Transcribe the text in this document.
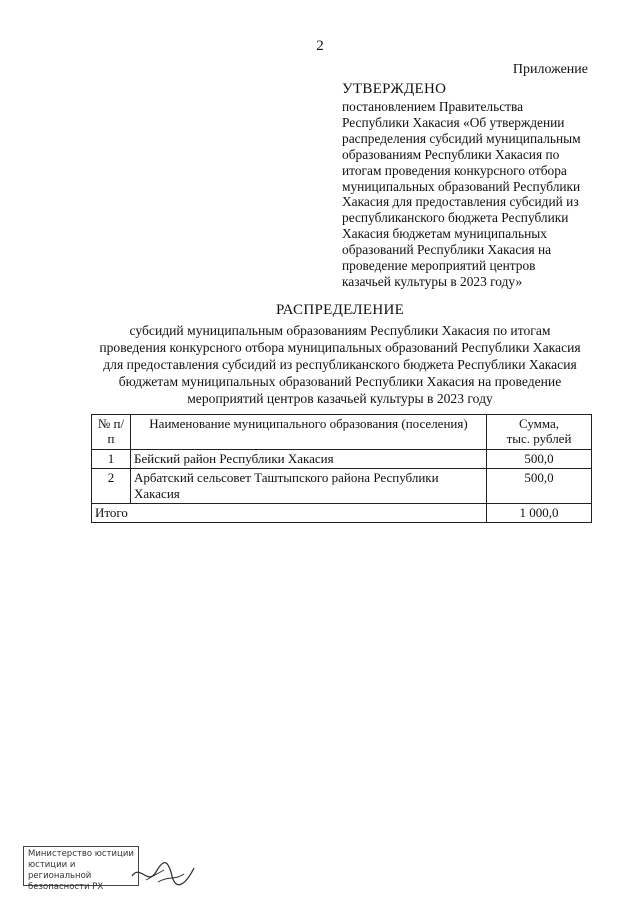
2
Приложение
УТВЕРЖДЕНО
постановлением Правительства
Республики Хакасия «Об утверждении
распределения субсидий муниципальным
образованиям Республики Хакасия по
итогам проведения конкурсного отбора
муниципальных образований Республики
Хакасия для предоставления субсидий из
республиканского бюджета Республики
Хакасия бюджетам муниципальных
образований Республики Хакасия на
проведение мероприятий центров
казачьей культуры в 2023 году»
РАСПРЕДЕЛЕНИЕ
субсидий муниципальным образованиям Республики Хакасия по итогам
проведения конкурсного отбора муниципальных образований Республики Хакасия
для предоставления субсидий из республиканского бюджета Республики Хакасия
бюджетам муниципальных образований Республики Хакасия на проведение
мероприятий центров казачьей культуры в 2023 году
№ п/п	Наименование муниципального образования (поселения)	Сумма,
тыс. рублей
1	Бейский район Республики Хакасия	500,0
2	Арбатский сельсовет Таштыпского района Республики Хакасия	500,0
Итого		1 000,0
Министерство юстиции
юстиции и региональной
безопасности РХ
